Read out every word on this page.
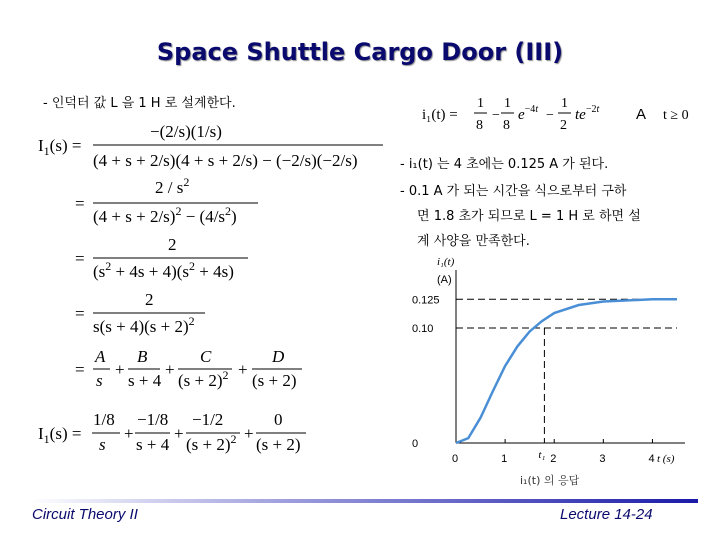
Space Shuttle Cargo Door (III)
- 인덕터 값 L 을 1 H 로 설계한다.
$I_1(s)$ =
−(2/s)(1/s)
(4 + s + 2/s)(4 + s + 2/s) − (−2/s)(−2/s)
=
$2 / s^2$
$(4 + s + 2/s)^2 - (4/s^2)$
=
2
$(s^2 + 4s + 4)(s^2 + 4s)$
=
2
$s(s + 4)(s + 2)^2$
=
A
s
+
B
s + 4
+
C
$(s + 2)^2$ +
D
(s + 2)
$I_1(s)$ =
1/8
s
+
−1/8
s + 4
+
−1/2
$(s + 2)^2$ +
0
(s + 2)
i₁(t) =
1
8
−
1
8
$e^{-4t}$ −
1
2
$te^{-2t}$ A t ≥ 0
- i₁(t) 는 4 초에는 0.125 A 가 된다.
- 0.1 A 가 되는 시간을 식으로부터 구하
면 1.8 초가 되므로 L = 1 H 로 하면 설
계 사양을 만족한다.
i₁(t)
(A)
t (s)
0	1	2	3	4
0
0.10
0.125
t₁
i₁(t) 의 응답
Circuit Theory II	Lecture 14-24
